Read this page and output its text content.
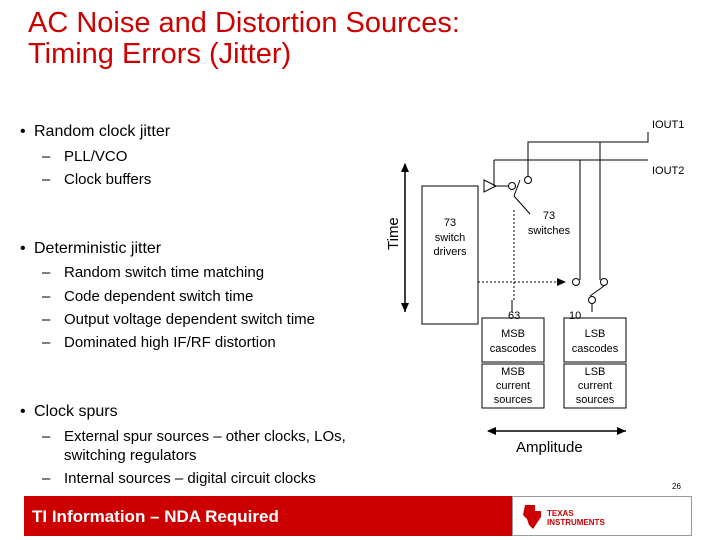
AC Noise and Distortion Sources:
Timing Errors (Jitter)
• Random clock jitter
– PLL/VCO
– Clock buffers
• Deterministic jitter
– Random switch time matching
– Code dependent switch time
– Output voltage dependent switch time
– Dominated high IF/RF distortion
• Clock spurs
– External spur sources – other clocks, LOs,
switching regulators
– Internal sources – digital circuit clocks
Time
Amplitude
73
switch
drivers
IOUT1
IOUT2
73
switches
63	10
MSB
cascodes
LSB
cascodes
MSB
current
sources
LSB
current
sources
26
TI Information – NDA Required	TEXAS
INSTRUMENTS
